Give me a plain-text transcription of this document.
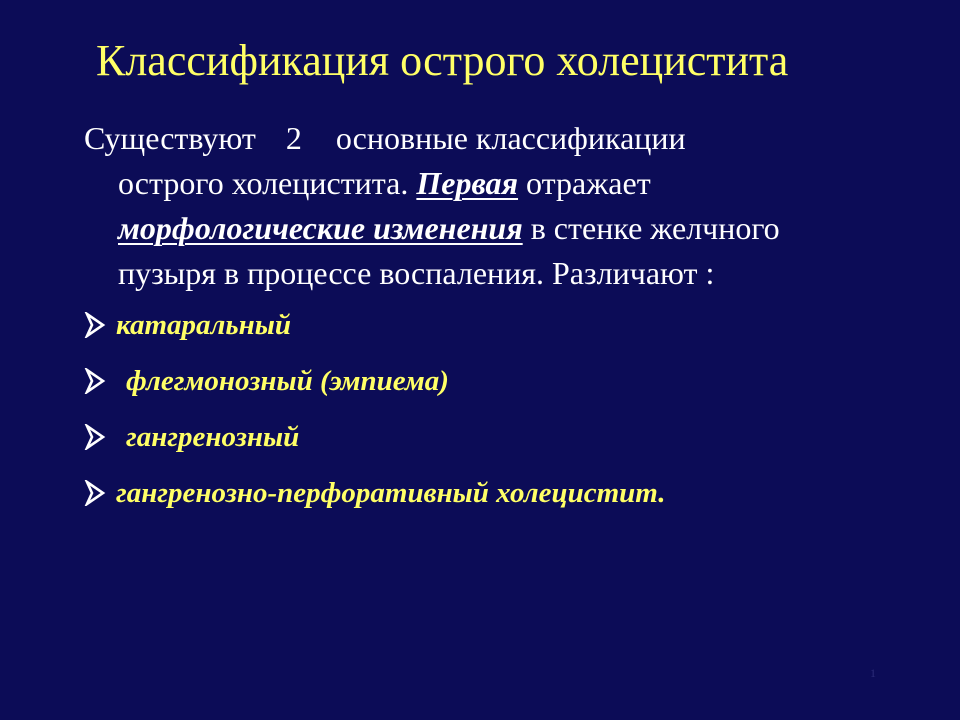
Классификация острого холецистита
Существуют 2 основные классификации
острого холецистита. Первая отражает
морфологические изменения в стенке желчного
пузыря в процессе воспаления. Различают :
катаральный
флегмонозный (эмпиема)
гангренозный
гангренозно-перфоративный холецистит.
1
